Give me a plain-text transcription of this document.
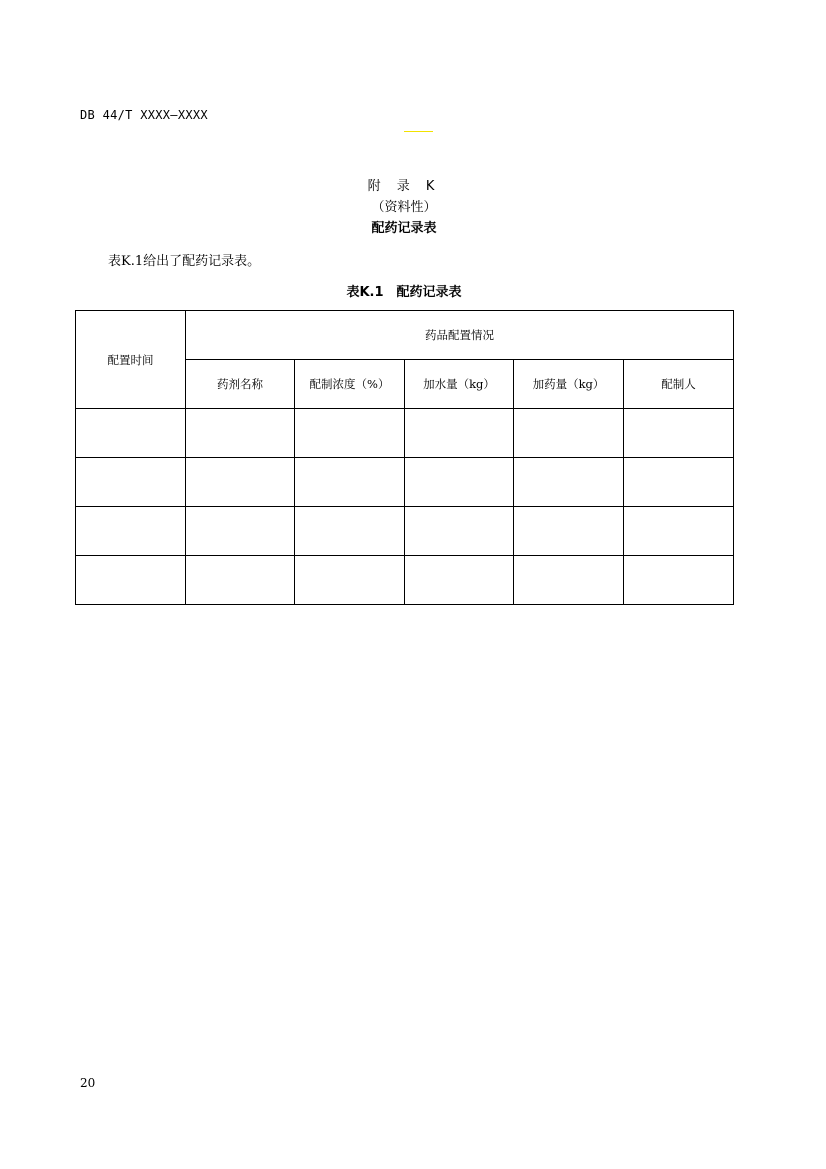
DB 44/T XXXX—XXXX
附 录 K
（资料性）
配药记录表
表K.1给出了配药记录表。
表K.1　配药记录表
配置时间	药品配置情况				
	药剂名称	配制浓度（%）	加水量（kg）	加药量（kg）	配制人

20
